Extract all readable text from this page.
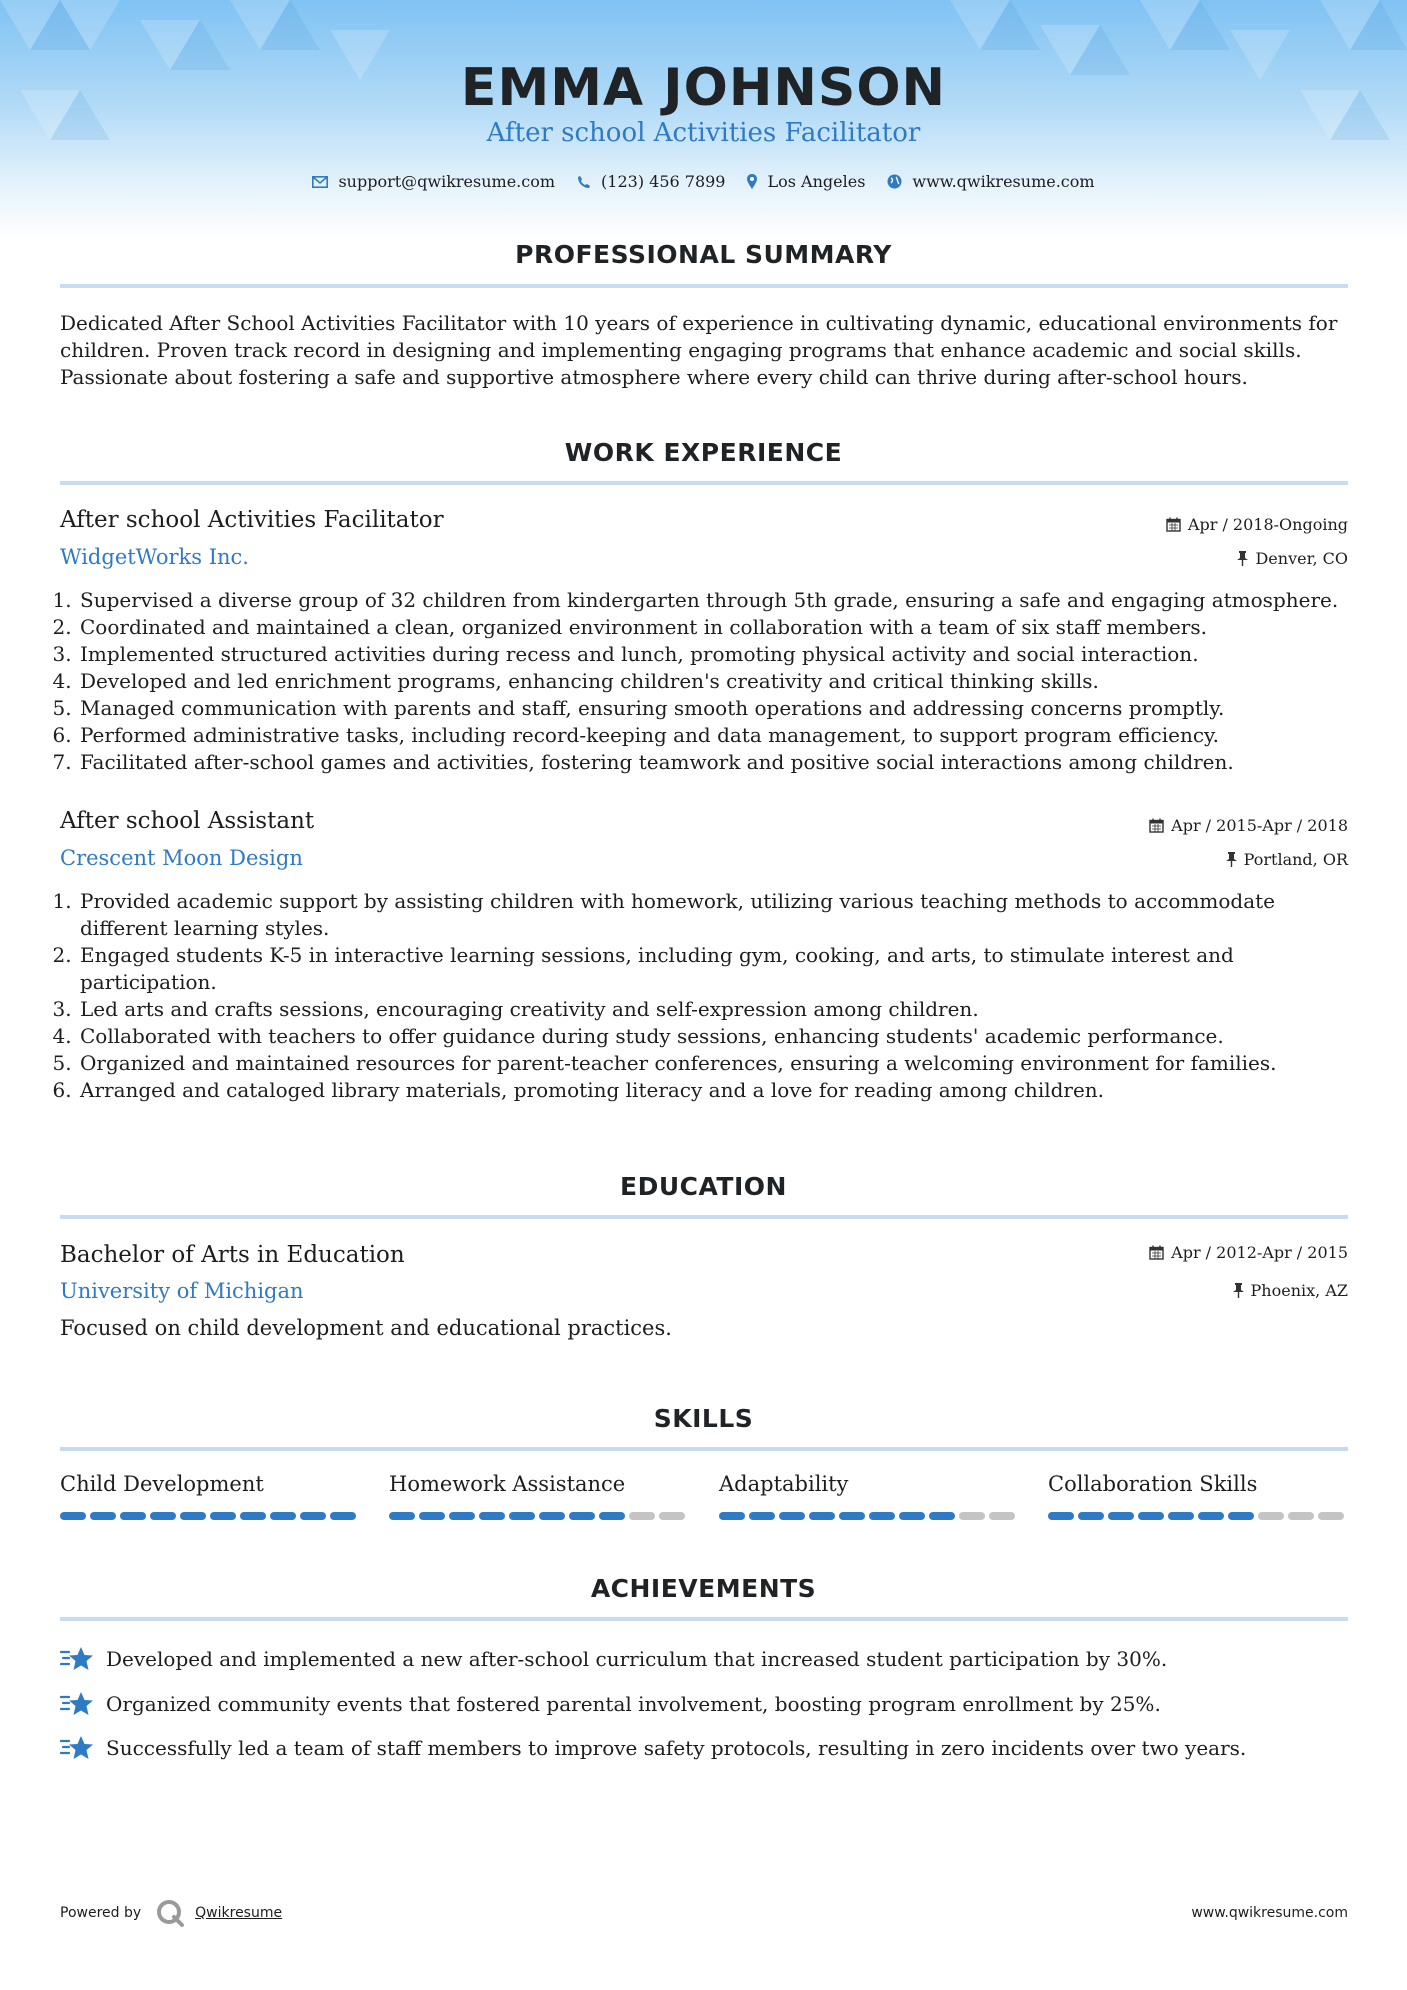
EMMA JOHNSON
After school Activities Facilitator
support@qwikresume.com	(123) 456 7899	Los Angeles	www.qwikresume.com
PROFESSIONAL SUMMARY
Dedicated After School Activities Facilitator with 10 years of experience in cultivating dynamic, educational environments for children. Proven track record in designing and implementing engaging programs that enhance academic and social skills. Passionate about fostering a safe and supportive atmosphere where every child can thrive during after-school hours.
WORK EXPERIENCE
After school Activities Facilitator	Apr / 2018-Ongoing
WidgetWorks Inc.	Denver, CO
1. Supervised a diverse group of 32 children from kindergarten through 5th grade, ensuring a safe and engaging atmosphere.
2. Coordinated and maintained a clean, organized environment in collaboration with a team of six staff members.
3. Implemented structured activities during recess and lunch, promoting physical activity and social interaction.
4. Developed and led enrichment programs, enhancing children's creativity and critical thinking skills.
5. Managed communication with parents and staff, ensuring smooth operations and addressing concerns promptly.
6. Performed administrative tasks, including record-keeping and data management, to support program efficiency.
7. Facilitated after-school games and activities, fostering teamwork and positive social interactions among children.
After school Assistant	Apr / 2015-Apr / 2018
Crescent Moon Design	Portland, OR
1. Provided academic support by assisting children with homework, utilizing various teaching methods to accommodate different learning styles.
2. Engaged students K-5 in interactive learning sessions, including gym, cooking, and arts, to stimulate interest and participation.
3. Led arts and crafts sessions, encouraging creativity and self-expression among children.
4. Collaborated with teachers to offer guidance during study sessions, enhancing students' academic performance.
5. Organized and maintained resources for parent-teacher conferences, ensuring a welcoming environment for families.
6. Arranged and cataloged library materials, promoting literacy and a love for reading among children.
EDUCATION
Bachelor of Arts in Education	Apr / 2012-Apr / 2015
University of Michigan	Phoenix, AZ
Focused on child development and educational practices.
SKILLS
Child Development	Homework Assistance	Adaptability	Collaboration Skills
ACHIEVEMENTS
Developed and implemented a new after-school curriculum that increased student participation by 30%.
Organized community events that fostered parental involvement, boosting program enrollment by 25%.
Successfully led a team of staff members to improve safety protocols, resulting in zero incidents over two years.
Powered by	Qwikresume	www.qwikresume.com
